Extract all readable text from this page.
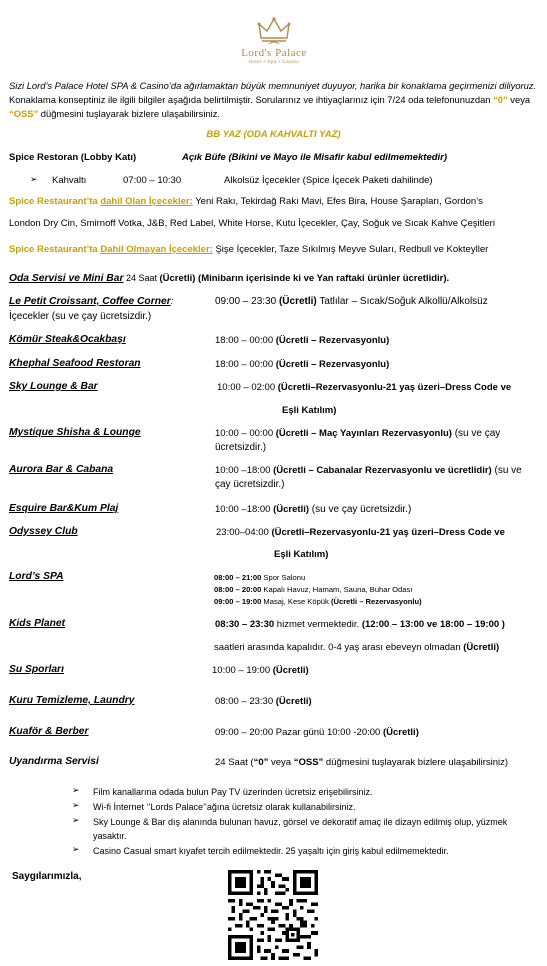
Lord's Palace
Hotel • Spa • Casino
Sizi Lord’s Palace Hotel SPA & Casino’da ağırlamaktan büyük memnuniyet duyuyor, harika bir konaklama geçirmenizi diliyoruz. Konaklama konseptiniz ile ilgili bilgiler aşağıda belirtilmiştir. Sorularınız ve ihtiyaçlarınız için 7/24 oda telefonunuzdan “0” veya “OSS” düğmesini tuşlayarak bizlere ulaşabilirsiniz.
BB YAZ (ODA KAHVALTI YAZ)
Spice Restoran (Lobby Katı)	Açık Büfe (Bikini ve Mayo ile Misafir kabul edilmemektedir)
➢ Kahvaltı	07:00 – 10:30	Alkolsüz İçecekler (Spice İçecek Paketi dahilinde)
Spice Restaurant’ta dahil Olan İçecekler: Yeni Rakı, Tekirdağ Rakı Mavi, Efes Bira, House Şarapları, Gordon’s
London Dry Cin, Smirnoff Votka, J&B, Red Label, White Horse, Kutu İçecekler, Çay, Soğuk ve Sıcak Kahve Çeşitleri
Spice Restaurant’ta Dahil Olmayan İçecekler: Şişe İçecekler, Taze Sıkılmış Meyve Suları, Redbull ve Kokteyller
Oda Servisi ve Mini Bar 24 Saat (Ücretli) (Minibarın içerisinde ki ve Yan raftaki ürünler ücretlidir).
Le Petit Croissant, Coffee Corner:	09:00 – 23:30 (Ücretli) Tatlılar – Sıcak/Soğuk Alkollü/Alkolsüz
İçecekler (su ve çay ücretsizdir.)
Kömür Steak&Ocakbaşı	18:00 – 00:00 (Ücretli – Rezervasyonlu)
Khephal Seafood Restoran	18:00 – 00:00 (Ücretli – Rezervasyonlu)
Sky Lounge & Bar	10:00 – 02:00 (Ücretli–Rezervasyonlu-21 yaş üzeri–Dress Code ve
Eşli Katılım)
Mystique Shisha & Lounge	10:00 – 00:00 (Ücretli – Maç Yayınları Rezervasyonlu) (su ve çay
ücretsizdir.)
Aurora Bar & Cabana	10:00 –18:00 (Ücretli – Cabanalar Rezervasyonlu ve ücretlidir) (su ve
çay ücretsizdir.)
Esquire Bar&Kum Plaj	10:00 –18:00 (Ücretli) (su ve çay ücretsizdir.)
Odyssey Club	23:00–04:00 (Ücretli–Rezervasyonlu-21 yaş üzeri–Dress Code ve
Eşli Katılım)
Lord’s SPA	08:00 – 21:00 Spor Salonu
08:00 – 20:00 Kapalı Havuz, Hamam, Sauna, Buhar Odası
09:00 – 19:00 Masaj, Kese Köpük (Ücretli – Rezervasyonlu)
Kids Planet	08:30 – 23:30 hizmet vermektedir. (12:00 – 13:00 ve 18:00 – 19:00 )
saatleri arasında kapalıdır. 0-4 yaş arası ebeveyn olmadan (Ücretli)
Su Sporları	10:00 – 19:00 (Ücretli)
Kuru Temizleme, Laundry	08:00 – 23:30 (Ücretli)
Kuaför & Berber	09:00 – 20:00 Pazar günü 10:00 -20:00 (Ücretli)
Uyandırma Servisi	24 Saat (“0” veya “OSS” düğmesini tuşlayarak bizlere ulaşabilirsiniz)
➢ Film kanallarına odada bulun Pay TV üzerinden ücretsiz erişebilirsiniz.
➢ Wi-fi İnternet ‘’Lords Palace’’ağına ücretsiz olarak kullanabilirsiniz.
➢ Sky Lounge & Bar dış alanında bulunan havuz, görsel ve dekoratif amaç ile dizayn edilmiş olup, yüzmek yasaktır.
➢ Casino Casual smart kıyafet tercih edilmektedir. 25 yaşaltı için giriş kabul edilmemektedir.
Saygılarımızla,
